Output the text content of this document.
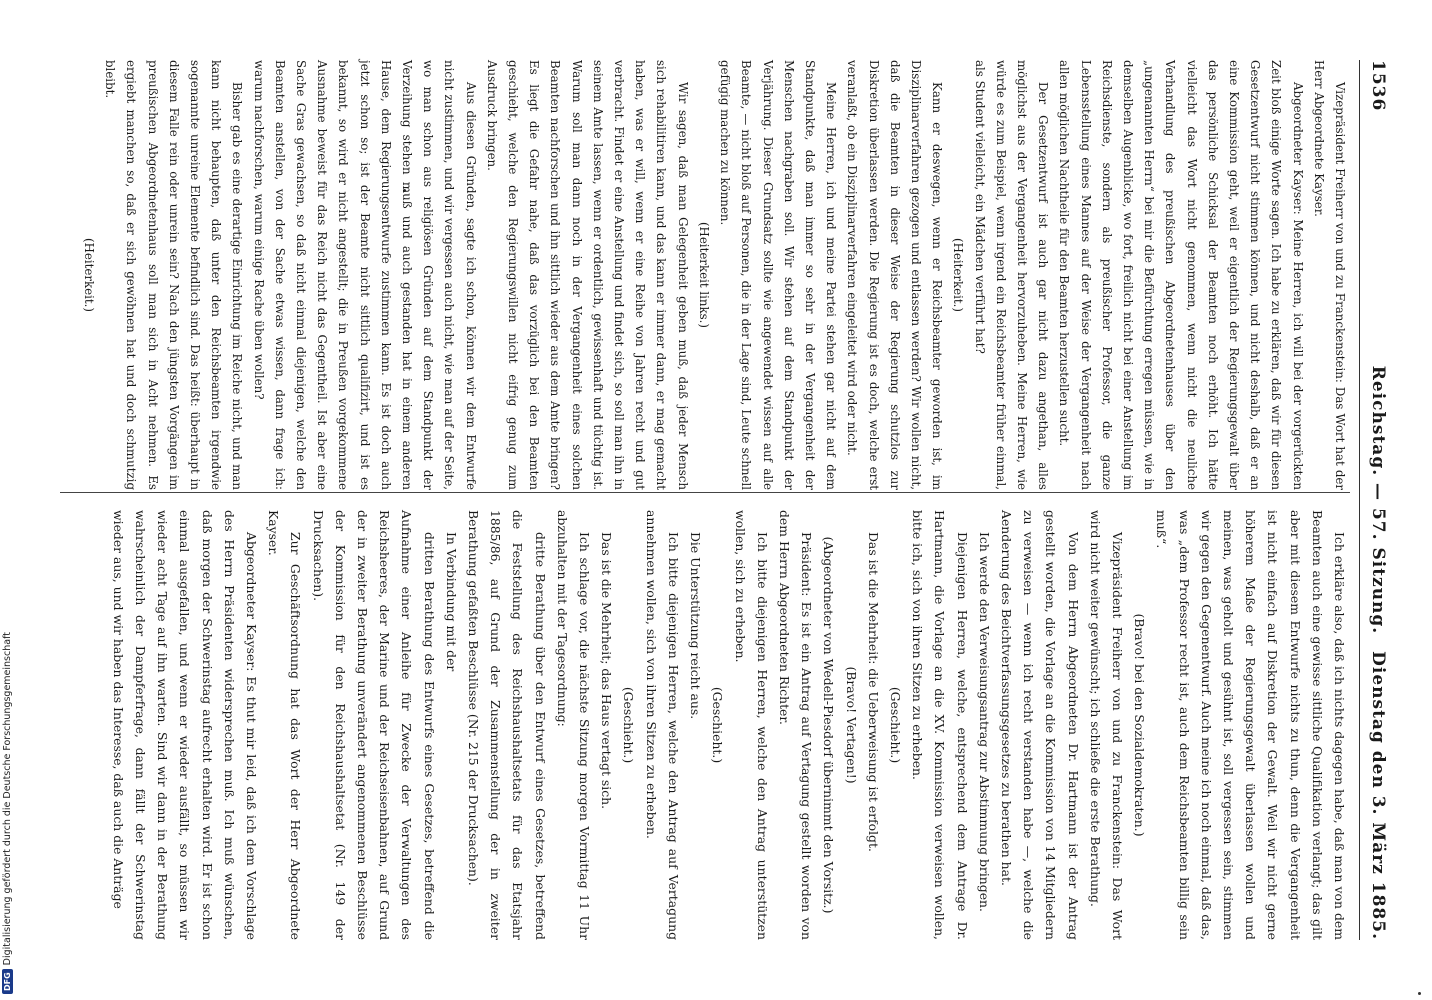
1536
Reichstag. — 57. Sitzung.
Dienstag den 3. März 1885.

Vizepräsident Freiherr von und zu Franckenstein: Das Wort hat der Herr Abgeordnete Kayser.

Abgeordneter Kayser: Meine Herren, ich will bei der vorgerückten Zeit bloß einige Worte sagen. Ich habe zu erklären, daß wir für diesen Gesetzentwurf nicht stimmen können, und nicht deshalb, daß er an eine Kommission geht, weil er eigentlich der Regierungsgewalt über das persönliche Schicksal der Beamten noch erhöht. Ich hätte vielleicht das Wort nicht genommen, wenn nicht die neuliche Verhandlung des preußischen Abgeordnetenhauses über den „ungenannten Herrn“ bei mir die Befürchtung erregen müssen, wie in demselben Augenblicke, wo fort, freilich nicht bei einer Anstellung im Reichsdienste, sondern als preußischer Professor, die ganze Lebensstellung eines Mannes auf der Weise der Vergangenheit nach allen möglichen Nachtheile für den Beamten herzustellen sucht.

Der Gesetzentwurf ist auch gar nicht dazu angethan, alles möglichst aus der Vergangenheit hervorzuheben. Meine Herren, wie würde es zum Beispiel, wenn irgend ein Reichsbeamter früher einmal, als Student vielleicht, ein Mädchen verführt hat?

(Heiterkeit.)

Kann er deswegen, wenn er Reichsbeamter geworden ist, im Disziplinarverfahren gezogen und entlassen werden? Wir wollen nicht, daß die Beamten in dieser Weise der Regierung schutzlos zur Diskretion überlassen werden. Die Regierung ist es doch, welche erst veranlaßt, ob ein Disziplinarverfahren eingeleitet wird oder nicht.

Meine Herren, ich und meine Partei stehen gar nicht auf dem Standpunkte, daß man immer so sehr in der Vergangenheit der Menschen nachgraben soll. Wir stehen auf dem Standpunkt der Verjährung. Dieser Grundsatz sollte wie angewendet wissen auf alle Beamte, — nicht bloß auf Personen, die in der Lage sind, Leute schnell gefügig machen zu können.

(Heiterkeit links.)

Wir sagen, daß man Gelegenheit geben muß, daß jeder Mensch sich rehabilitiren kann, und das kann er immer dann, er mag gemacht haben, was er will, wenn er eine Reihe von Jahren recht und gut verbracht. Findet er eine Anstellung und findet sich, so soll man ihn in seinem Amte lassen, wenn er ordentlich, gewissenhaft und tüchtig ist. Warum soll man dann noch in der Vergangenheit eines solchen Beamten nachforschen und ihn sittlich wieder aus dem Amte bringen? Es liegt die Gefahr nahe, daß das vorzüglich bei den Beamten geschieht, welche den Regierungswillen nicht eifrig genug zum Ausdruck bringen.

Aus diesen Gründen, sagte ich schon, können wir dem Entwurfe nicht zustimmen, und wir vergessen auch nicht, wie man auf der Seite, wo man schon aus religiösen Gründen auf dem Standpunkt der Verzeihung stehen muß und auch gestanden hat in einem anderen Hause, dem Regierungsentwurfe zustimmen kann. Es ist doch auch jetzt schon so; ist der Beamte nicht sittlich qualifizirt, und ist es bekannt, so wird er nicht angestellt; die in Preußen vorgekommene Ausnahme beweist für das Reich nicht das Gegentheil. Ist aber eine Sache Gras gewachsen, so daß nicht einmal diejenigen, welche den Beamten anstellen, von der Sache etwas wissen, dann frage ich: warum nachforschen, warum einige Rache üben wollen?

Bisher gab es eine derartige Einrichtung im Reiche nicht, und man kann nicht behaupten, daß unter den Reichsbeamten irgendwie sogenannte unreine Elemente befindlich sind. Das heißt: überhaupt in diesem Falle rein oder unrein sein? Nach den jüngsten Vorgängen im preußischen Abgeordnetenhaus soll man sich in Acht nehmen. Es ergiebt manchen so, daß er sich gewöhnen hat und doch schmutzig bleibt.

(Heiterkeit.)

Ich erkläre also, daß ich nichts dagegen habe, daß man von dem Beamten auch eine gewisse sittliche Qualifikation verlangt; das gilt aber mit diesem Entwurfe nichts zu thun, denn die Vergangenheit ist nicht einfach auf Diskretion der Gewalt. Weil wir nicht gerne höherem Maße der Regierungsgewalt überlassen wollen und meinen, was geholt und gesühnt ist, soll vergessen sein, stimmen wir gegen den Gegenentwurf. Auch meine ich noch einmal, daß das, was „dem Professor recht ist, auch dem Reichsbeamten billig sein muß“.

(Bravo! bei den Sozialdemokraten.)

Vizepräsident Freiherr von und zu Franckenstein: Das Wort wird nicht weiter gewünscht; ich schließe die erste Berathung.

Von dem Herrn Abgeordneten Dr. Hartmann ist der Antrag gestellt worden, die Vorlage an die Kommission von 14 Mitgliedern zu verweisen — wenn ich recht verstanden habe —, welche die Aenderung des Beichtverfassungsgesetzes zu berathen hat.

Ich werde den Verweisungsantrag zur Abstimmung bringen.

Diejenigen Herren, welche, entsprechend dem Antrage Dr. Hartmann, die Vorlage an die XV. Kommission verweisen wollen, bitte ich, sich von ihren Sitzen zu erheben.

(Geschieht.)

Das ist die Mehrheit: die Ueberweisung ist erfolgt.

(Bravo! Vertagen!)

(Abgeordneter von Wedell-Piesdorf übernimmt den Vorsitz.)

Präsident: Es ist ein Antrag auf Vertagung gestellt worden von dem Herrn Abgeordneten Richter.

Ich bitte diejenigen Herren, welche den Antrag unterstützen wollen, sich zu erheben.

(Geschieht.)

Die Unterstützung reicht aus.

Ich bitte diejenigen Herren, welche den Antrag auf Vertagung annehmen wollen, sich von ihren Sitzen zu erheben.

(Geschieht.)

Das ist die Mehrheit; das Haus vertagt sich.

Ich schlage vor, die nächste Sitzung morgen Vormittag 11 Uhr abzuhalten mit der Tagesordnung:

dritte Berathung über den Entwurf eines Gesetzes, betreffend die Feststellung des Reichshaushaltsetats für das Etatsjahr 1885/86, auf Grund der Zusammenstellung der in zweiter Berathung gefaßten Beschlüsse (Nr. 215 der Drucksachen).

In Verbindung mit der

dritten Berathung des Entwurfs eines Gesetzes, betreffend die Aufnahme einer Anleihe für Zwecke der Verwaltungen des Reichsheeres, der Marine und der Reichseisenbahnen, auf Grund der in zweiter Berathung unverändert angenommenen Beschlüsse der Kommission für den Reichshaushaltsetat (Nr. 149 der Drucksachen).

Zur Geschäftsordnung hat das Wort der Herr Abgeordnete Kayser.

Abgeordneter Kayser: Es thut mir leid, daß ich dem Vorschlage des Herrn Präsidenten widersprechen muß. Ich muß wünschen, daß morgen der Schwerinstag aufrecht erhalten wird. Er ist schon einmal ausgefallen, und wenn er wieder ausfällt, so müssen wir wieder acht Tage auf ihn warten. Sind wir dann in der Berathung wahrscheinlich der Dampferfrage, dann fällt der Schwerinstag wieder aus, und wir haben das Interesse, daß auch die Anträge

DFGDigitalisierung gefördert durch die Deutsche Forschungsgemeinschaft
